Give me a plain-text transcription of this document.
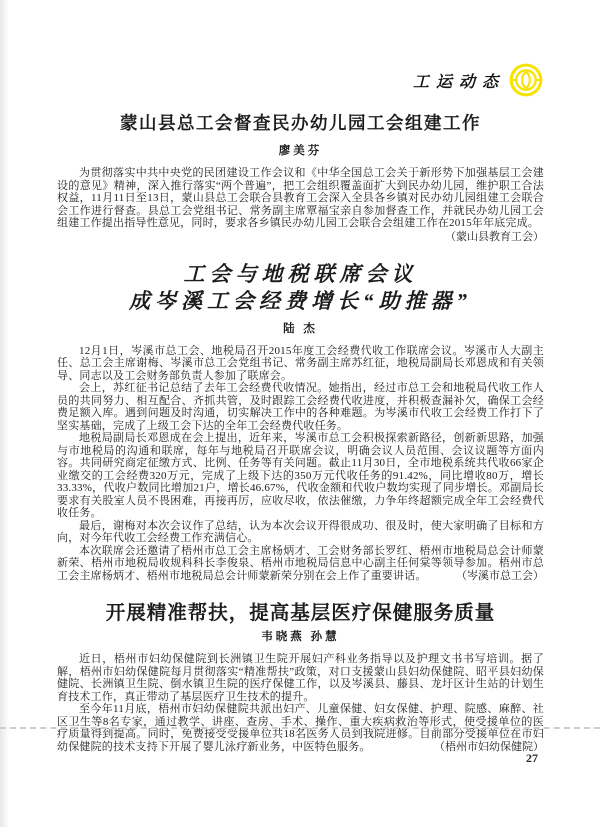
工运动态
蒙山县总工会督查民办幼儿园工会组建工作
廖美芬

为贯彻落实中共中央党的民团建设工作会议和《中华全国总工会关于新形势下加强基层工会建设的意见》精神，深入推行落实“两个普遍”，把工会组织覆盖面扩大到民办幼儿园，维护职工合法权益，11月11日至13日，蒙山县总工会联合县教育工会深入全县各乡镇对民办幼儿园组建工会联合会工作进行督查。县总工会党组书记、常务副主席覃福宝亲自参加督查工作，并就民办幼儿园工会组建工作提出指导性意见，同时，要求各乡镇民办幼儿园工会联合会组建工作在2015年年底完成。

（蒙山县教育工会）
工会与地税联席会议
成岑溪工会经费增长“助推器”
陆 杰

12月1日，岑溪市总工会、地税局召开2015年度工会经费代收工作联席会议。岑溪市人大副主任、总工会主席谢梅、岑溪市总工会党组书记、常务副主席苏红征，地税局副局长邓恩成和有关领导、同志以及工会财务部负责人参加了联席会。

会上，苏红征书记总结了去年工会经费代收情况。她指出，经过市总工会和地税局代收工作人员的共同努力、相互配合、齐抓共管，及时跟踪工会经费代收进度，并积极查漏补欠，确保工会经费足额入库。遇到问题及时沟通，切实解决工作中的各种难题。为岑溪市代收工会经费工作打下了坚实基础，完成了上级工会下达的全年工会经费代收任务。

地税局副局长邓恩成在会上提出，近年来，岑溪市总工会积极探索新路径，创新新思路，加强与市地税局的沟通和联席，每年与地税局召开联席会议，明确会议人员范围、会议议题等方面内容。共同研究商定征缴方式、比例、任务等有关问题。截止11月30日，全市地税系统共代收66家企业缴交的工会经费320万元，完成了上级下达的350万元代收任务的91.42%，同比增收80万，增长33.33%，代收户数同比增加21户，增长46.67%，代收金额和代收户数均实现了同步增长。邓副局长要求有关股室人员不畏困难，再接再厉，应收尽收，依法催缴，力争年终超额完成全年工会经费代收任务。

最后，谢梅对本次会议作了总结，认为本次会议开得很成功、很及时，使大家明确了目标和方向，对今年代收工会经费工作充满信心。

本次联席会还邀请了梧州市总工会主席杨炳才、工会财务部长罗红、梧州市地税局总会计师蒙新荣、梧州市地税局收规科科长李俊泉、梧州市地税局信息中心副主任何棠等领导参加。梧州市总工会主席杨炳才、梧州市地税局总会计师蒙新荣分别在会上作了重要讲话。	（岑溪市总工会）
开展精准帮扶，提高基层医疗保健服务质量
韦晓燕 孙慧

近日，梧州市妇幼保健院到长洲镇卫生院开展妇产科业务指导以及护理文书书写培训。据了解，梧州市妇幼保健院每月贯彻落实“精准帮扶”政策，对口支援蒙山县妇幼保健院、昭平县妇幼保健院、长洲镇卫生院、倒水镇卫生院的医疗保健工作，以及岑溪县、藤县、龙圩区计生站的计划生育技术工作，真正带动了基层医疗卫生技术的提升。

至今年11月底，梧州市妇幼保健院共派出妇产、儿童保健、妇女保健、护理、院感、麻醉、社区卫生等8名专家，通过教学、讲座、查房、手术、操作、重大疾病救治等形式，使受援单位的医疗质量得到提高。同时，免费接受受援单位共18名医务人员到我院进修。目前部分受援单位在市妇幼保健院的技术支持下开展了婴儿泳疗新业务，中医特色服务。	（梧州市妇幼保健院）
27
